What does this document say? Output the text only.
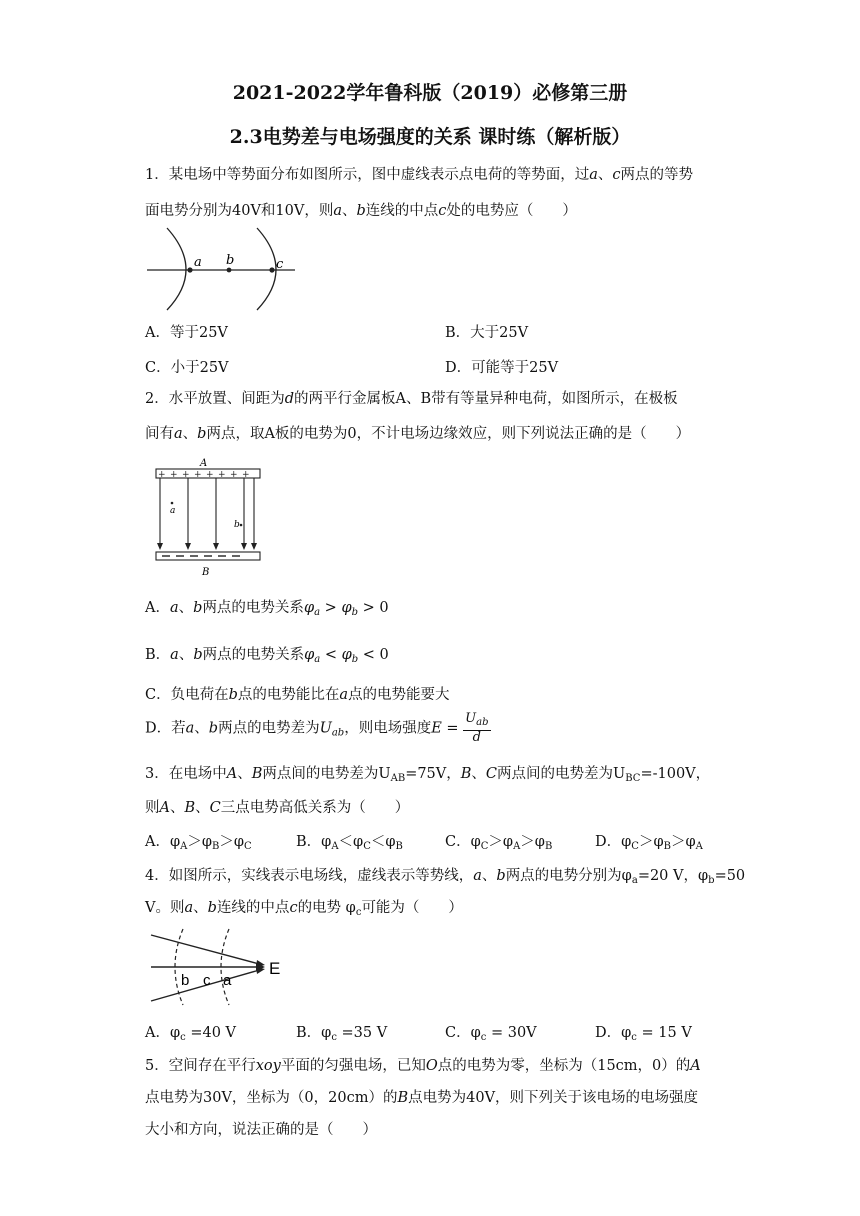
2021-2022学年鲁科版（2019）必修第三册
2.3电势差与电场强度的关系 课时练（解析版）
1．某电场中等势面分布如图所示，图中虚线表示点电荷的等势面，过a、c两点的等势
面电势分别为40V和10V，则a、b连线的中点c处的电势应（　　）
a b	c
A．等于25V	B．大于25V
C．小于25V	D．可能等于25V
2．水平放置、间距为d的两平行金属板A、B带有等量异种电荷，如图所示，在极板
间有a、b两点，取A板的电势为0，不计电场边缘效应，则下列说法正确的是（　　）
A
+ + + + + + + +
a
b
B
A．a、b两点的电势关系$\varphi_a > \varphi_b > 0$
B．a、b两点的电势关系$\varphi_a < \varphi_b < 0$
C．负电荷在b点的电势能比在a点的电势能要大
D．若a、b两点的电势差为$U_{ab}$，则电场强度$E = \frac{U_{ab}}{d}$
3．在电场中A、B两点间的电势差为$U_{AB}=75V$，B、C两点间的电势差为$U_{BC}=-100V$，
则A、B、C三点电势高低关系为（　　）
A．$\varphi_A>\varphi_B>\varphi_C$	B．$\varphi_A<\varphi_C<\varphi_B$	C．$\varphi_C>\varphi_A>\varphi_B$	D．$\varphi_C>\varphi_B>\varphi_A$
4．如图所示，实线表示电场线，虚线表示等势线，a、b两点的电势分别为$\varphi_a=20$ V，$\varphi_b=50$
V。则a、b连线的中点c的电势 $\varphi_c$可能为（　　）
b c a
E
A．$\varphi_c =40$ V	B．$\varphi_c =35$ V	C．$\varphi_c = 30V$	D．$\varphi_c = 15$ V
5．空间存在平行xoy平面的匀强电场，已知O点的电势为零，坐标为（15cm，0）的A
点电势为30V，坐标为（0，20cm）的B点电势为40V，则下列关于该电场的电场强度
大小和方向，说法正确的是（　　）
